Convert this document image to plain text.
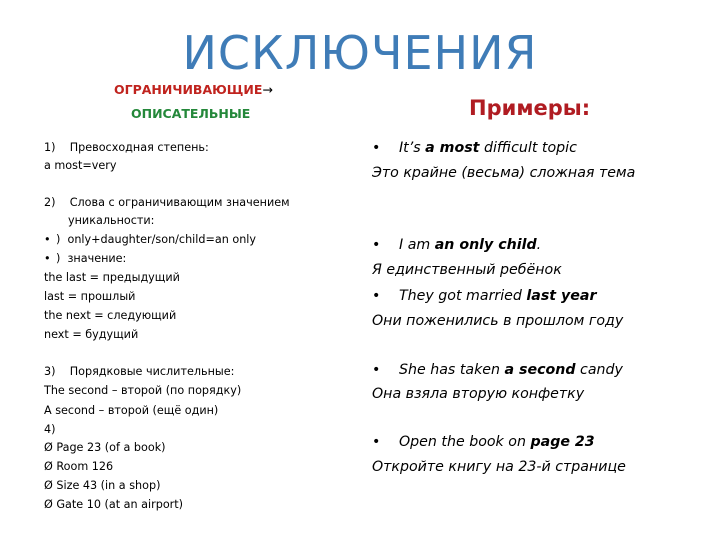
ИСКЛЮЧЕНИЯ
ОГРАНИЧИВАЮЩИЕ→
ОПИСАТЕЛЬНЫЕ	Примеры:
1)    Превосходная степень:
a most=very
2)    Слова с ограничивающим значением
уникальности:
• )  only+daughter/son/child=an only
• )  значение:
the last = предыдущий
last = прошлый
the next = следующий
next = будущий
3)    Порядковые числительные:
The second – второй (по порядку)
A second – второй (ещё один)
4)
Ø Page 23 (of a book)
Ø Room 126
Ø Size 43 (in a shop)
Ø Gate 10 (at an airport)
• It’s a most difficult topic
Это крайне (весьма) сложная тема
• I am an only child.
Я единственный ребёнок
• They got married last year
Они поженились в прошлом году
• She has taken a second candy
Она взяла вторую конфетку
• Open the book on page 23
Откройте книгу на 23-й странице
